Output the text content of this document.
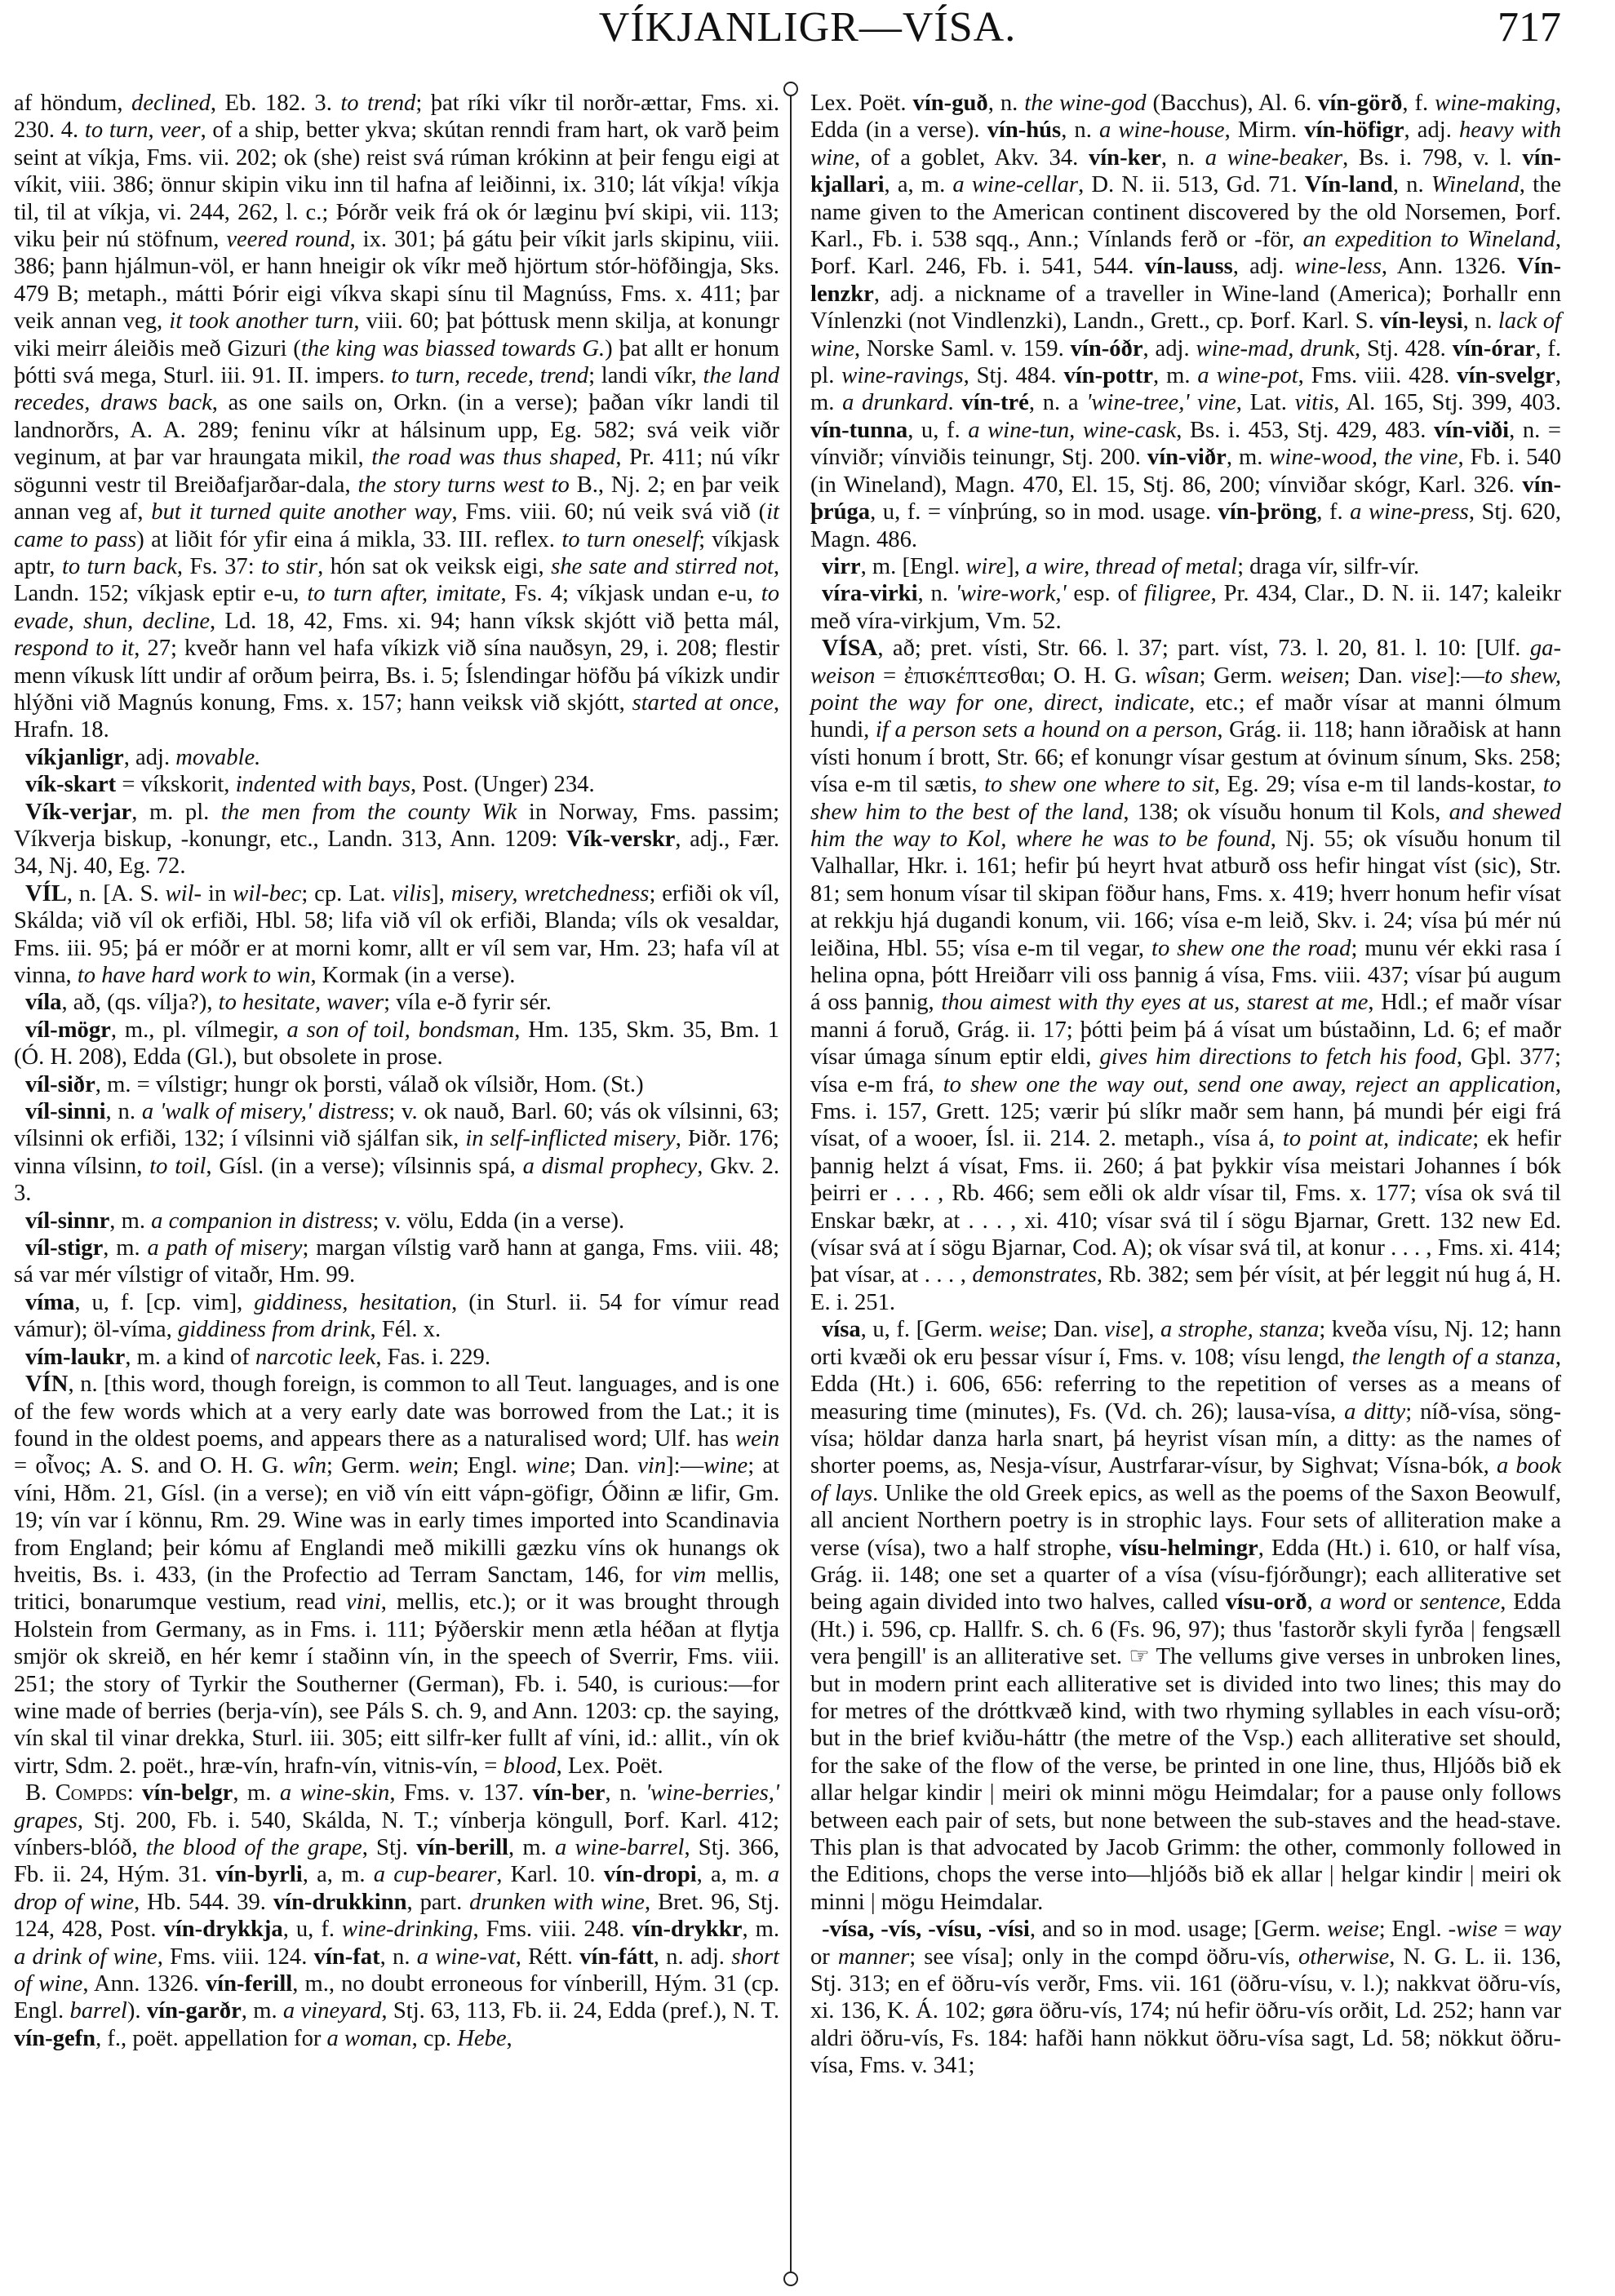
VÍKJANLIGR—VÍSA.	717

af höndum, declined, Eb. 182. 3. to trend; þat ríki víkr til norðr-ættar, Fms. xi. 230. 4. to turn, veer, of a ship, better ykva; skútan renndi fram hart, ok varð þeim seint at víkja, Fms. vii. 202; ok (she) reist svá rúman krókinn at þeir fengu eigi at víkit, viii. 386; önnur skipin viku inn til hafna af leiðinni, ix. 310; lát víkja! víkja til, til at víkja, vi. 244, 262, l. c.; Þórðr veik frá ok ór læginu því skipi, vii. 113; viku þeir nú stöfnum, veered round, ix. 301; þá gátu þeir víkit jarls skipinu, viii. 386; þann hjálmun-völ, er hann hneigir ok víkr með hjörtum stór-höfðingja, Sks. 479 B; metaph., mátti Þórir eigi víkva skapi sínu til Magnúss, Fms. x. 411; þar veik annan veg, it took another turn, viii. 60; þat þóttusk menn skilja, at konungr viki meirr áleiðis með Gizuri (the king was biassed towards G.) þat allt er honum þótti svá mega, Sturl. iii. 91. II. impers. to turn, recede, trend; landi víkr, the land recedes, draws back, as one sails on, Orkn. (in a verse); þaðan víkr landi til landnorðrs, A. A. 289; feninu víkr at hálsinum upp, Eg. 582; svá veik viðr veginum, at þar var hraungata mikil, the road was thus shaped, Pr. 411; nú víkr sögunni vestr til Breiðafjarðar-dala, the story turns west to B., Nj. 2; en þar veik annan veg af, but it turned quite another way, Fms. viii. 60; nú veik svá við (it came to pass) at liðit fór yfir eina á mikla, 33. III. reflex. to turn oneself; víkjask aptr, to turn back, Fs. 37: to stir, hón sat ok veiksk eigi, she sate and stirred not, Landn. 152; víkjask eptir e-u, to turn after, imitate, Fs. 4; víkjask undan e-u, to evade, shun, decline, Ld. 18, 42, Fms. xi. 94; hann víksk skjótt við þetta mál, respond to it, 27; kveðr hann vel hafa víkizk við sína nauðsyn, 29, i. 208; flestir menn víkusk lítt undir af orðum þeirra, Bs. i. 5; Íslendingar höfðu þá víkizk undir hlýðni við Magnús konung, Fms. x. 157; hann veiksk við skjótt, started at once, Hrafn. 18.

víkjanligr, adj. movable.

vík-skart = víkskorit, indented with bays, Post. (Unger) 234.

Vík-verjar, m. pl. the men from the county Wik in Norway, Fms. passim; Víkverja biskup, -konungr, etc., Landn. 313, Ann. 1209: Vík-verskr, adj., Fær. 34, Nj. 40, Eg. 72.

VÍL, n. [A. S. wil- in wil-bec; cp. Lat. vilis], misery, wretchedness; erfiði ok víl, Skálda; við víl ok erfiði, Hbl. 58; lifa við víl ok erfiði, Blanda; víls ok vesaldar, Fms. iii. 95; þá er móðr er at morni komr, allt er víl sem var, Hm. 23; hafa víl at vinna, to have hard work to win, Kormak (in a verse).

víla, að, (qs. vílja?), to hesitate, waver; víla e-ð fyrir sér.

víl-mögr, m., pl. vílmegir, a son of toil, bondsman, Hm. 135, Skm. 35, Bm. 1 (Ó. H. 208), Edda (Gl.), but obsolete in prose.

víl-siðr, m. = vílstigr; hungr ok þorsti, válað ok vílsiðr, Hom. (St.)

víl-sinni, n. a 'walk of misery,' distress; v. ok nauð, Barl. 60; vás ok vílsinni, 63; vílsinni ok erfiði, 132; í vílsinni við sjálfan sik, in self-inflicted misery, Þiðr. 176; vinna vílsinn, to toil, Gísl. (in a verse); vílsinnis spá, a dismal prophecy, Gkv. 2. 3.

víl-sinnr, m. a companion in distress; v. völu, Edda (in a verse).

víl-stigr, m. a path of misery; margan vílstig varð hann at ganga, Fms. viii. 48; sá var mér vílstigr of vitaðr, Hm. 99.

víma, u, f. [cp. vim], giddiness, hesitation, (in Sturl. ii. 54 for vímur read vámur); öl-víma, giddiness from drink, Fél. x.

vím-laukr, m. a kind of narcotic leek, Fas. i. 229.

VÍN, n. [this word, though foreign, is common to all Teut. languages, and is one of the few words which at a very early date was borrowed from the Lat.; it is found in the oldest poems, and appears there as a naturalised word; Ulf. has wein = οἶνος; A. S. and O. H. G. wîn; Germ. wein; Engl. wine; Dan. vin]:—wine; at víni, Hðm. 21, Gísl. (in a verse); en við vín eitt vápn-göfigr, Óðinn æ lifir, Gm. 19; vín var í könnu, Rm. 29. Wine was in early times imported into Scandinavia from England; þeir kómu af Englandi með mikilli gæzku víns ok hunangs ok hveitis, Bs. i. 433, (in the Profectio ad Terram Sanctam, 146, for vim mellis, tritici, bonarumque vestium, read vini, mellis, etc.); or it was brought through Holstein from Germany, as in Fms. i. 111; Þýðerskir menn ætla héðan at flytja smjör ok skreið, en hér kemr í staðinn vín, in the speech of Sverrir, Fms. viii. 251; the story of Tyrkir the Southerner (German), Fb. i. 540, is curious:—for wine made of berries (berja-vín), see Páls S. ch. 9, and Ann. 1203: cp. the saying, vín skal til vinar drekka, Sturl. iii. 305; eitt silfr-ker fullt af víni, id.: allit., vín ok virtr, Sdm. 2. poët., hræ-vín, hrafn-vín, vitnis-vín, = blood, Lex. Poët.

B. Compds: vín-belgr, m. a wine-skin, Fms. v. 137. vín-ber, n. 'wine-berries,' grapes, Stj. 200, Fb. i. 540, Skálda, N. T.; vínberja köngull, Þorf. Karl. 412; vínbers-blóð, the blood of the grape, Stj. vín-berill, m. a wine-barrel, Stj. 366, Fb. ii. 24, Hým. 31. vín-byrli, a, m. a cup-bearer, Karl. 10. vín-dropi, a, m. a drop of wine, Hb. 544. 39. vín-drukkinn, part. drunken with wine, Bret. 96, Stj. 124, 428, Post. vín-drykkja, u, f. wine-drinking, Fms. viii. 248. vín-drykkr, m. a drink of wine, Fms. viii. 124. vín-fat, n. a wine-vat, Rétt. vín-fátt, n. adj. short of wine, Ann. 1326. vín-ferill, m., no doubt erroneous for vínberill, Hým. 31 (cp. Engl. barrel). vín-garðr, m. a vineyard, Stj. 63, 113, Fb. ii. 24, Edda (pref.), N. T. vín-gefn, f., poët. appellation for a woman, cp. Hebe,

Lex. Poët. vín-guð, n. the wine-god (Bacchus), Al. 6. vín-görð, f. wine-making, Edda (in a verse). vín-hús, n. a wine-house, Mirm. vín-höfigr, adj. heavy with wine, of a goblet, Akv. 34. vín-ker, n. a wine-beaker, Bs. i. 798, v. l. vín-kjallari, a, m. a wine-cellar, D. N. ii. 513, Gd. 71. Vín-land, n. Wineland, the name given to the American continent discovered by the old Norsemen, Þorf. Karl., Fb. i. 538 sqq., Ann.; Vínlands ferð or -för, an expedition to Wineland, Þorf. Karl. 246, Fb. i. 541, 544. vín-lauss, adj. wine-less, Ann. 1326. Vín-lenzkr, adj. a nickname of a traveller in Wine-land (America); Þorhallr enn Vínlenzki (not Vindlenzki), Landn., Grett., cp. Þorf. Karl. S. vín-leysi, n. lack of wine, Norske Saml. v. 159. vín-óðr, adj. wine-mad, drunk, Stj. 428. vín-órar, f. pl. wine-ravings, Stj. 484. vín-pottr, m. a wine-pot, Fms. viii. 428. vín-svelgr, m. a drunkard. vín-tré, n. a 'wine-tree,' vine, Lat. vitis, Al. 165, Stj. 399, 403. vín-tunna, u, f. a wine-tun, wine-cask, Bs. i. 453, Stj. 429, 483. vín-viði, n. = vínviðr; vínviðis teinungr, Stj. 200. vín-viðr, m. wine-wood, the vine, Fb. i. 540 (in Wineland), Magn. 470, El. 15, Stj. 86, 200; vínviðar skógr, Karl. 326. vín-þrúga, u, f. = vínþrúng, so in mod. usage. vín-þröng, f. a wine-press, Stj. 620, Magn. 486.

virr, m. [Engl. wire], a wire, thread of metal; draga vír, silfr-vír.

víra-virki, n. 'wire-work,' esp. of filigree, Pr. 434, Clar., D. N. ii. 147; kaleikr með víra-virkjum, Vm. 52.

VÍSA, að; pret. vísti, Str. 66. l. 37; part. víst, 73. l. 20, 81. l. 10: [Ulf. ga-weison = ἐπισκέπτεσθαι; O. H. G. wîsan; Germ. weisen; Dan. vise]:—to shew, point the way for one, direct, indicate, etc.; ef maðr vísar at manni ólmum hundi, if a person sets a hound on a person, Grág. ii. 118; hann iðraðisk at hann vísti honum í brott, Str. 66; ef konungr vísar gestum at óvinum sínum, Sks. 258; vísa e-m til sætis, to shew one where to sit, Eg. 29; vísa e-m til lands-kostar, to shew him to the best of the land, 138; ok vísuðu honum til Kols, and shewed him the way to Kol, where he was to be found, Nj. 55; ok vísuðu honum til Valhallar, Hkr. i. 161; hefir þú heyrt hvat atburð oss hefir hingat víst (sic), Str. 81; sem honum vísar til skipan föður hans, Fms. x. 419; hverr honum hefir vísat at rekkju hjá dugandi konum, vii. 166; vísa e-m leið, Skv. i. 24; vísa þú mér nú leiðina, Hbl. 55; vísa e-m til vegar, to shew one the road; munu vér ekki rasa í helina opna, þótt Hreiðarr vili oss þannig á vísa, Fms. viii. 437; vísar þú augum á oss þannig, thou aimest with thy eyes at us, starest at me, Hdl.; ef maðr vísar manni á foruð, Grág. ii. 17; þótti þeim þá á vísat um bústaðinn, Ld. 6; ef maðr vísar úmaga sínum eptir eldi, gives him directions to fetch his food, Gþl. 377; vísa e-m frá, to shew one the way out, send one away, reject an application, Fms. i. 157, Grett. 125; værir þú slíkr maðr sem hann, þá mundi þér eigi frá vísat, of a wooer, Ísl. ii. 214. 2. metaph., vísa á, to point at, indicate; ek hefir þannig helzt á vísat, Fms. ii. 260; á þat þykkir vísa meistari Johannes í bók þeirri er . . . , Rb. 466; sem eðli ok aldr vísar til, Fms. x. 177; vísa ok svá til Enskar bækr, at . . . , xi. 410; vísar svá til í sögu Bjarnar, Grett. 132 new Ed. (vísar svá at í sögu Bjarnar, Cod. A); ok vísar svá til, at konur . . . , Fms. xi. 414; þat vísar, at . . . , demonstrates, Rb. 382; sem þér vísit, at þér leggit nú hug á, H. E. i. 251.

vísa, u, f. [Germ. weise; Dan. vise], a strophe, stanza; kveða vísu, Nj. 12; hann orti kvæði ok eru þessar vísur í, Fms. v. 108; vísu lengd, the length of a stanza, Edda (Ht.) i. 606, 656: referring to the repetition of verses as a means of measuring time (minutes), Fs. (Vd. ch. 26); lausa-vísa, a ditty; níð-vísa, söng-vísa; höldar danza harla snart, þá heyrist vísan mín, a ditty: as the names of shorter poems, as, Nesja-vísur, Austrfarar-vísur, by Sighvat; Vísna-bók, a book of lays. Unlike the old Greek epics, as well as the poems of the Saxon Beowulf, all ancient Northern poetry is in strophic lays. Four sets of alliteration make a verse (vísa), two a half strophe, vísu-helmingr, Edda (Ht.) i. 610, or half vísa, Grág. ii. 148; one set a quarter of a vísa (vísu-fjórðungr); each alliterative set being again divided into two halves, called vísu-orð, a word or sentence, Edda (Ht.) i. 596, cp. Hallfr. S. ch. 6 (Fs. 96, 97); thus 'fastorðr skyli fyrða | fengsæll vera þengill' is an alliterative set. ☞ The vellums give verses in unbroken lines, but in modern print each alliterative set is divided into two lines; this may do for metres of the dróttkvæð kind, with two rhyming syllables in each vísu-orð; but in the brief kviðu-háttr (the metre of the Vsp.) each alliterative set should, for the sake of the flow of the verse, be printed in one line, thus, Hljóðs bið ek allar helgar kindir | meiri ok minni mögu Heimdalar; for a pause only follows between each pair of sets, but none between the sub-staves and the head-stave. This plan is that advocated by Jacob Grimm: the other, commonly followed in the Editions, chops the verse into—hljóðs bið ek allar | helgar kindir | meiri ok minni | mögu Heimdalar.

-vísa, -vís, -vísu, -vísi, and so in mod. usage; [Germ. weise; Engl. -wise = way or manner; see vísa]; only in the compd öðru-vís, otherwise, N. G. L. ii. 136, Stj. 313; en ef öðru-vís verðr, Fms. vii. 161 (öðru-vísu, v. l.); nakkvat öðru-vís, xi. 136, K. Á. 102; gøra öðru-vís, 174; nú hefir öðru-vís orðit, Ld. 252; hann var aldri öðru-vís, Fs. 184: hafði hann nökkut öðru-vísa sagt, Ld. 58; nökkut öðru-vísa, Fms. v. 341;
